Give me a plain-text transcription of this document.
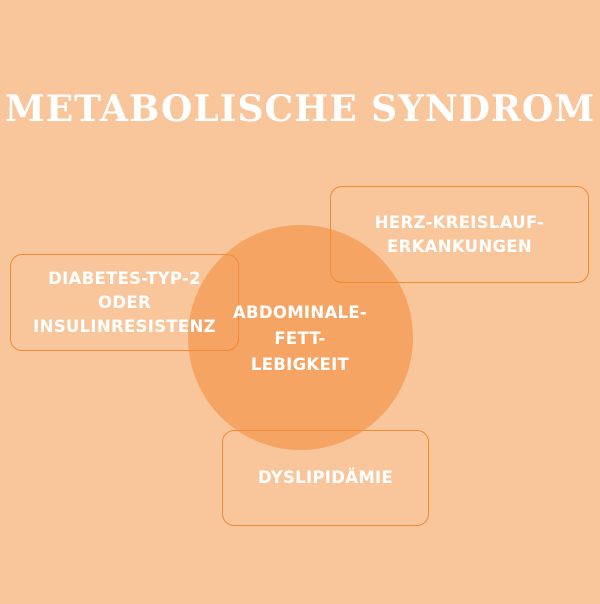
METABOLISCHE SYNDROM
HERZ-KREISLAUF-
ERKANKUNGEN
DIABETES-TYP-2
ODER
INSULINRESISTENZ
DYSLIPIDÄMIE
ABDOMINALE-
FETT-
LEBIGKEIT
